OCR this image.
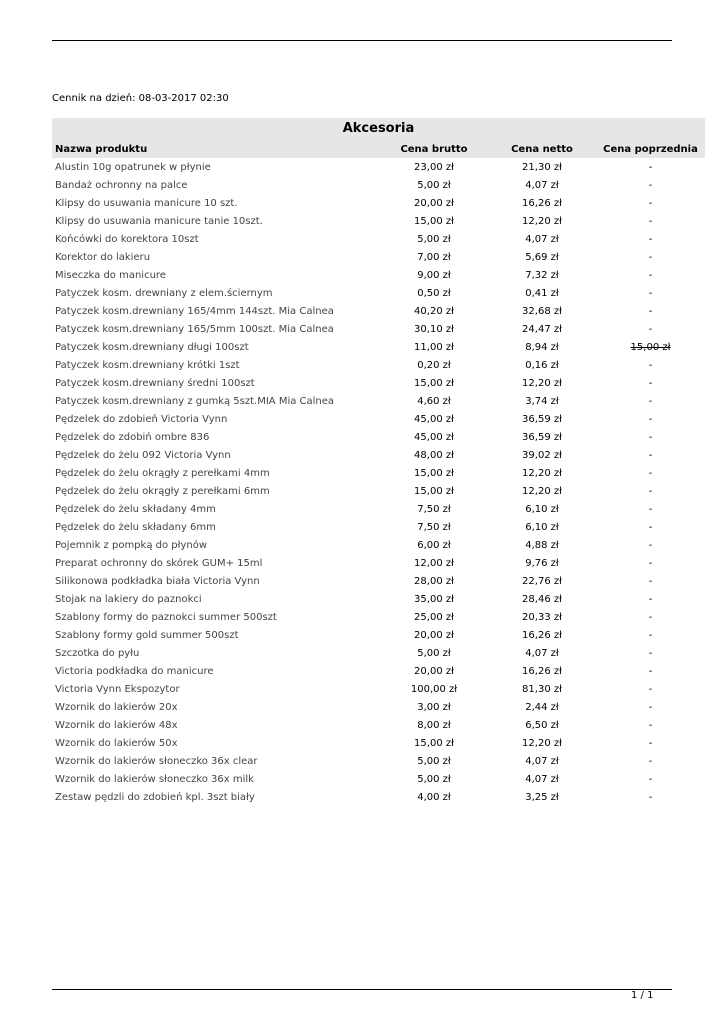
Cennik na dzień: 08-03-2017 02:30
Akcesoria
Nazwa produktu	Cena brutto	Cena netto	Cena poprzednia
Alustin 10g opatrunek w płynie	23,00 zł	21,30 zł	-
Bandaż ochronny na palce	5,00 zł	4,07 zł	-
Klipsy do usuwania manicure 10 szt.	20,00 zł	16,26 zł	-
Klipsy do usuwania manicure tanie 10szt.	15,00 zł	12,20 zł	-
Końcówki do korektora 10szt	5,00 zł	4,07 zł	-
Korektor do lakieru	7,00 zł	5,69 zł	-
Miseczka do manicure	9,00 zł	7,32 zł	-
Patyczek kosm. drewniany z elem.ściernym	0,50 zł	0,41 zł	-
Patyczek kosm.drewniany 165/4mm 144szt. Mia Calnea	40,20 zł	32,68 zł	-
Patyczek kosm.drewniany 165/5mm 100szt. Mia Calnea	30,10 zł	24,47 zł	-
Patyczek kosm.drewniany długi 100szt	11,00 zł	8,94 zł	15,00 zł
Patyczek kosm.drewniany krótki 1szt	0,20 zł	0,16 zł	-
Patyczek kosm.drewniany średni 100szt	15,00 zł	12,20 zł	-
Patyczek kosm.drewniany z gumką 5szt.MIA Mia Calnea	4,60 zł	3,74 zł	-
Pędzelek do zdobień Victoria Vynn	45,00 zł	36,59 zł	-
Pędzelek do zdobiń ombre 836	45,00 zł	36,59 zł	-
Pędzelek do żelu 092 Victoria Vynn	48,00 zł	39,02 zł	-
Pędzelek do żelu okrągły z perełkami 4mm	15,00 zł	12,20 zł	-
Pędzelek do żelu okrągły z perełkami 6mm	15,00 zł	12,20 zł	-
Pędzelek do żelu składany 4mm	7,50 zł	6,10 zł	-
Pędzelek do żelu składany 6mm	7,50 zł	6,10 zł	-
Pojemnik z pompką do płynów	6,00 zł	4,88 zł	-
Preparat ochronny do skórek GUM+ 15ml	12,00 zł	9,76 zł	-
Silikonowa podkładka biała Victoria Vynn	28,00 zł	22,76 zł	-
Stojak na lakiery do paznokci	35,00 zł	28,46 zł	-
Szablony formy do paznokci summer 500szt	25,00 zł	20,33 zł	-
Szablony formy gold summer 500szt	20,00 zł	16,26 zł	-
Szczotka do pyłu	5,00 zł	4,07 zł	-
Victoria podkładka do manicure	20,00 zł	16,26 zł	-
Victoria Vynn Ekspozytor	100,00 zł	81,30 zł	-
Wzornik do lakierów 20x	3,00 zł	2,44 zł	-
Wzornik do lakierów 48x	8,00 zł	6,50 zł	-
Wzornik do lakierów 50x	15,00 zł	12,20 zł	-
Wzornik do lakierów słoneczko 36x clear	5,00 zł	4,07 zł	-
Wzornik do lakierów słoneczko 36x milk	5,00 zł	4,07 zł	-
Zestaw pędzli do zdobień kpl. 3szt biały	4,00 zł	3,25 zł	-
1 / 1
